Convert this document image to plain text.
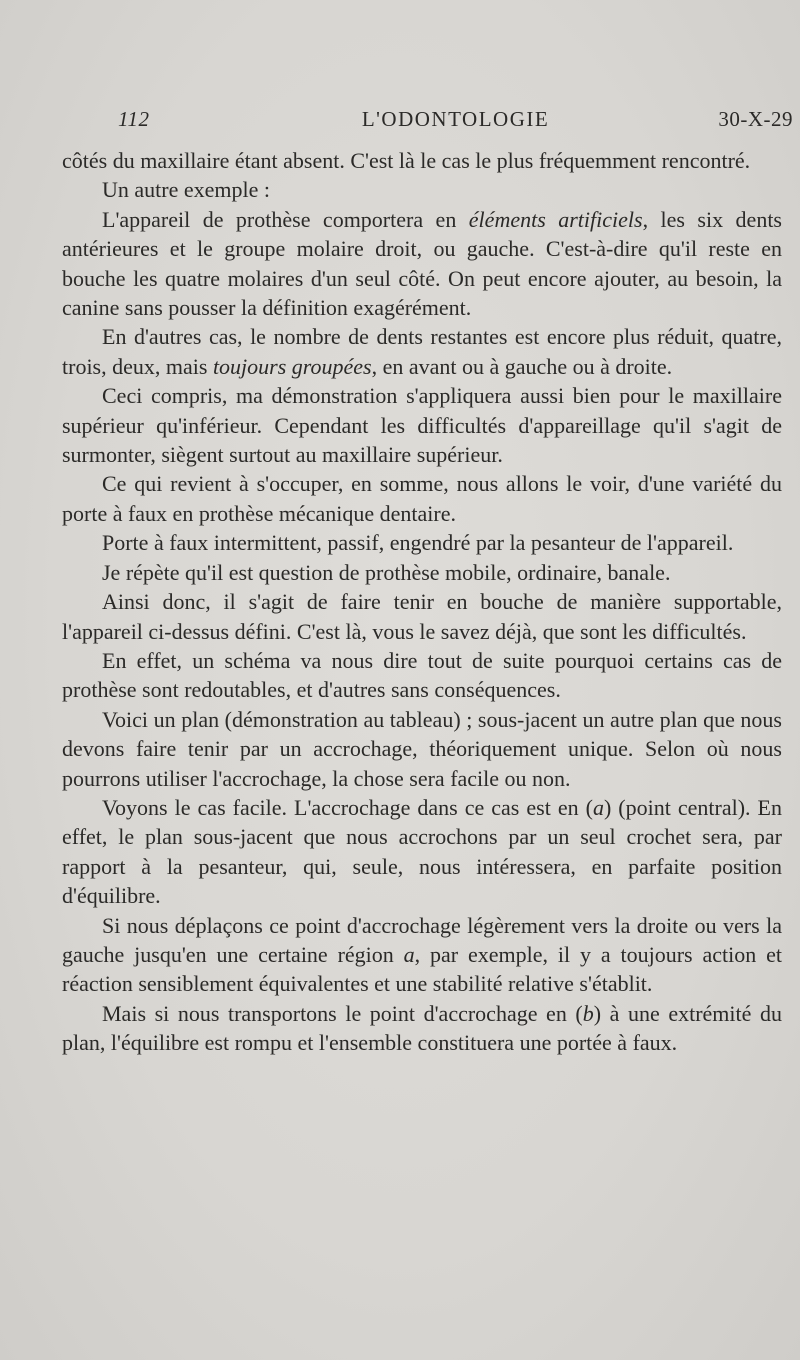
112	L'ODONTOLOGIE	30-X-29

côtés du maxillaire étant absent. C'est là le cas le plus fréquemment rencontré.

Un autre exemple :

L'appareil de prothèse comportera en éléments artificiels, les six dents antérieures et le groupe molaire droit, ou gauche. C'est-à-dire qu'il reste en bouche les quatre molaires d'un seul côté. On peut encore ajouter, au besoin, la canine sans pousser la définition exagérément.

En d'autres cas, le nombre de dents restantes est encore plus réduit, quatre, trois, deux, mais toujours groupées, en avant ou à gauche ou à droite.

Ceci compris, ma démonstration s'appliquera aussi bien pour le maxillaire supérieur qu'inférieur. Cependant les difficultés d'appareillage qu'il s'agit de surmonter, siègent surtout au maxillaire supérieur.

Ce qui revient à s'occuper, en somme, nous allons le voir, d'une variété du porte à faux en prothèse mécanique dentaire.

Porte à faux intermittent, passif, engendré par la pesanteur de l'appareil.

Je répète qu'il est question de prothèse mobile, ordinaire, banale.

Ainsi donc, il s'agit de faire tenir en bouche de manière supportable, l'appareil ci-dessus défini. C'est là, vous le savez déjà, que sont les difficultés.

En effet, un schéma va nous dire tout de suite pourquoi certains cas de prothèse sont redoutables, et d'autres sans conséquences.

Voici un plan (démonstration au tableau) ; sous-jacent un autre plan que nous devons faire tenir par un accrochage, théoriquement unique. Selon où nous pourrons utiliser l'accrochage, la chose sera facile ou non.

Voyons le cas facile. L'accrochage dans ce cas est en (a) (point central). En effet, le plan sous-jacent que nous accrochons par un seul crochet sera, par rapport à la pesanteur, qui, seule, nous intéressera, en parfaite position d'équilibre.

Si nous déplaçons ce point d'accrochage légèrement vers la droite ou vers la gauche jusqu'en une certaine région a, par exemple, il y a toujours action et réaction sensiblement équivalentes et une stabilité relative s'établit.

Mais si nous transportons le point d'accrochage en (b) à une extrémité du plan, l'équilibre est rompu et l'ensemble constituera une portée à faux.
